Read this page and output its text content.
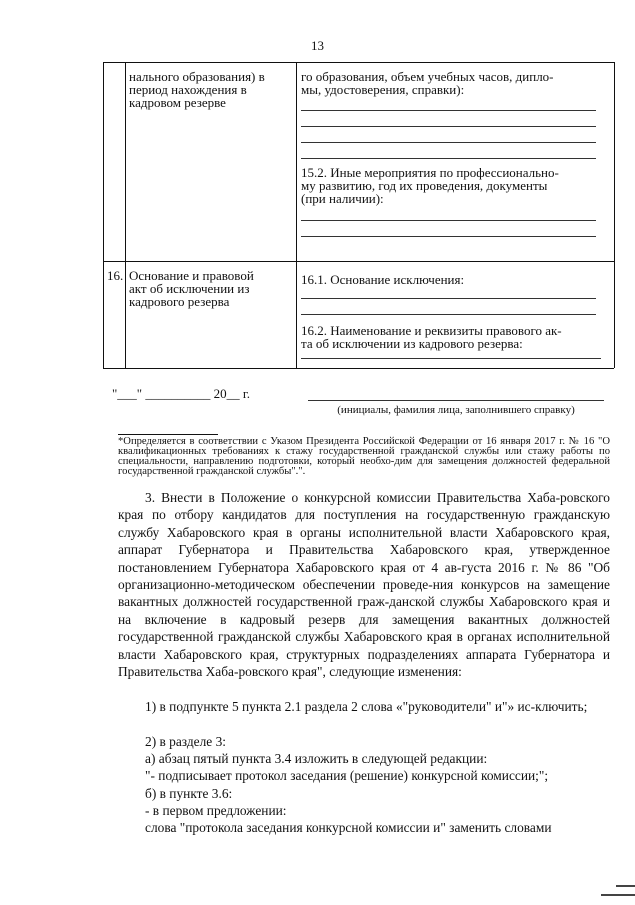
13
нального образования) в
период нахождения в
кадровом резерве
го образования, объем учебных часов, дипло-
мы, удостоверения, справки):
15.2. Иные мероприятия по профессионально-
му развитию, год их проведения, документы
(при наличии):
16. Основание и правовой
акт об исключении из
кадрового резерва
16.1. Основание исключения:
16.2. Наименование и реквизиты правового ак-
та об исключении из кадрового резерва:
"___" __________ 20__ г.
(инициалы, фамилия лица, заполнившего справку)
*Определяется в соответствии с Указом Президента Российской Федерации от 16 января 2017 г. № 16 "О квалификационных требованиях к стажу государственной гражданской службы или стажу работы по специальности, направлению подготовки, который необхо-дим для замещения должностей федеральной государственной гражданской службы".".
3. Внести в Положение о конкурсной комиссии Правительства Хаба-ровского края по отбору кандидатов для поступления на государственную гражданскую службу Хабаровского края в органы исполнительной власти Хабаровского края, аппарат Губернатора и Правительства Хабаровского края, утвержденное постановлением Губернатора Хабаровского края от 4 ав-густа 2016 г. № 86 "Об организационно-методическом обеспечении проведе-ния конкурсов на замещение вакантных должностей государственной граж-данской службы Хабаровского края и на включение в кадровый резерв для замещения вакантных должностей государственной гражданской службы Хабаровского края в органах исполнительной власти Хабаровского края, структурных подразделениях аппарата Губернатора и Правительства Хаба-ровского края", следующие изменения:
1) в подпункте 5 пункта 2.1 раздела 2 слова «"руководители" и"» ис-ключить;
2) в разделе 3:
а) абзац пятый пункта 3.4 изложить в следующей редакции:
"- подписывает протокол заседания (решение) конкурсной комиссии;";
б) в пункте 3.6:
- в первом предложении:
слова "протокола заседания конкурсной комиссии и" заменить словами
